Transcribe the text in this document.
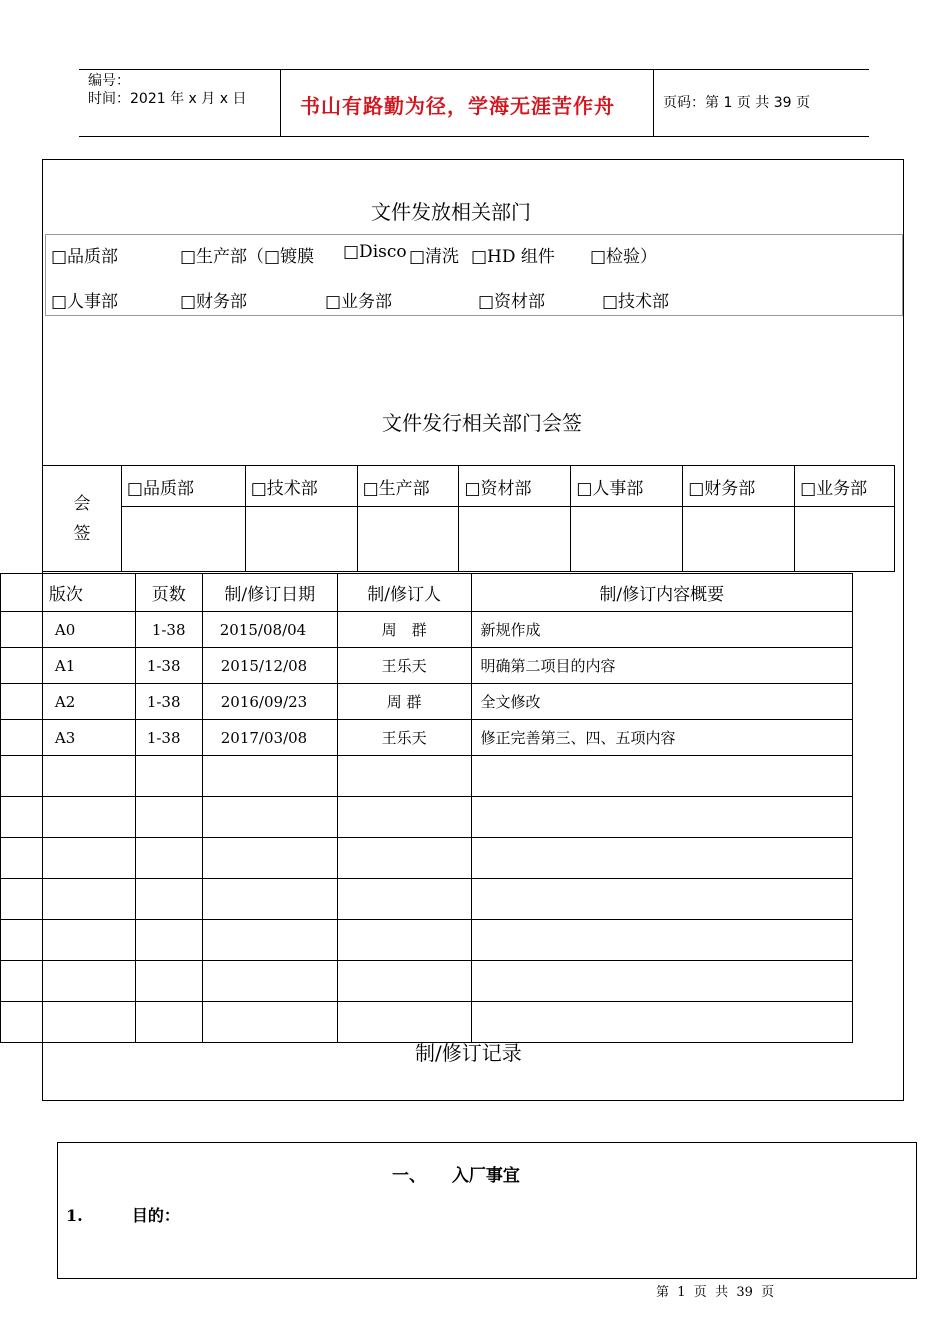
编号：
时间：2021 年 x 月 x 日	书山有路勤为径，学海无涯苦作舟	页码：第 1 页 共 39 页
文件发放相关部门
□品质部	□生产部（□镀膜 □Disco □清洗 □HD 组件 □检验）
□人事部	□财务部	□业务部	□资材部	□技术部
文件发行相关部门会签
会签	□品质部	□技术部	□生产部	□资材部	□人事部	□财务部	□业务部

	版次	页数	制/修订日期	制/修订人	制/修订内容概要
	A0	1-38	2015/08/04	周　群	新规作成
	A1	1-38	2015/12/08	王乐天	明确第二项目的内容
	A2	1-38	2016/09/23	周 群	全文修改
	A3	1-38	2017/03/08	王乐天	修正完善第三、四、五项内容

制/修订记录
一、 入厂事宜
1.	目的：
第  1  页  共  39  页
